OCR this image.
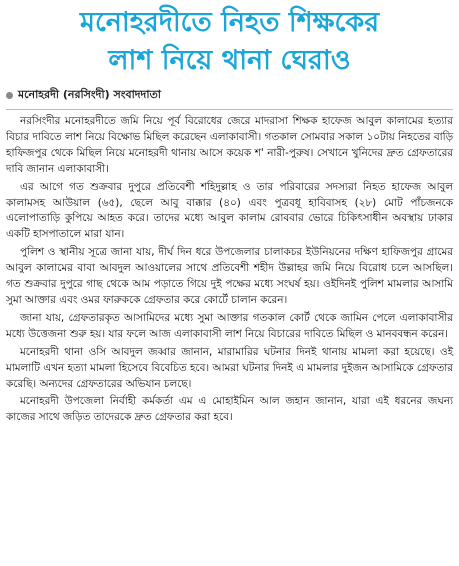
মনোহরদীতে নিহত শিক্ষকের
লাশ নিয়ে থানা ঘেরাও
মনোহরদী (নরসিংদী) সংবাদদাতা

নরসিংদীর মনোহরদীতে জমি নিয়ে পূর্ব বিরোধের জেরে মাদরাসা শিক্ষক হাফেজ আবুল কালামের হত্যার বিচার দাবিতে লাশ নিয়ে বিক্ষোভ মিছিল করেছেন এলাকাবাসী। গতকাল সোমবার সকাল ১০টায় নিহতের বাড়ি হাফিজপুর থেকে মিছিল নিয়ে মনোহরদী থানায় আসে কয়েক শ' নারী-পুরুষ। সেখানে খুনিদের দ্রুত গ্রেফতারের দাবি জানান এলাকাবাসী।

এর আগে গত শুক্রবার দুপুরে প্রতিবেশী শহিদুল্লাহ ও তার পরিবারের সদস্যরা নিহত হাফেজ আবুল কালামসহ আউয়াল (৬৫), ছেলে আবু বাক্কার (৪০) এবং পুত্রবধূ হাবিবাসহ (২৮) মোট পাঁচজনকে এলোপাতাড়ি কুপিয়ে আহত করে। তাদের মধ্যে আবুল কালাম রোববার ভোরে চিকিৎসাধীন অবস্থায় ঢাকার একটি হাসপাতালে মারা যান।

পুলিশ ও স্থানীয় সূত্রে জানা যায়, দীর্ঘ দিন ধরে উপজেলার চালাকচর ইউনিয়নের দক্ষিণ হাফিজপুর গ্রামের আবুল কালামের বাবা আবদুল আওয়ালের সাথে প্রতিবেশী শহীদ উল্লাহর জমি নিয়ে বিরোধ চলে আসছিল। গত শুক্রবার দুপুরে গাছ থেকে আম পড়াতে গিয়ে দুই পক্ষের মধ্যে সংঘর্ষ হয়। ওইদিনই পুলিশ মামলার আসামি সুমা আক্তার এবং ওমর ফারুককে গ্রেফতার করে কোর্টে চালান করেন।

জানা যায়, গ্রেফতারকৃত আসামিদের মধ্যে সুমা আক্তার গতকাল কোর্ট থেকে জামিন পেলে এলাকাবাসীর মধ্যে উত্তেজনা শুরু হয়। যার ফলে আজ এলাকাবাসী লাশ নিয়ে বিচারের দাবিতে মিছিল ও মানববন্ধন করেন।

মনোহরদী থানা ওসি আবদুল জব্বার জানান, মারামারির ঘটনার দিনই থানায় মামলা করা হয়েছে। ওই মামলাটি এখন হত্যা মামলা হিসেবে বিবেচিত হবে। আমরা ঘটনার দিনই এ মামলার দুইজন আসামিকে গ্রেফতার করেছি। অন্যদের গ্রেফতারের অভিযান চলছে।

মনোহরদী উপজেলা নির্বাহী কর্মকর্তা এম এ মোহাইমিন আল জহান জানান, যারা এই ধরনের জঘন্য কাজের সাথে জড়িত তাদেরকে দ্রুত গ্রেফতার করা হবে।
